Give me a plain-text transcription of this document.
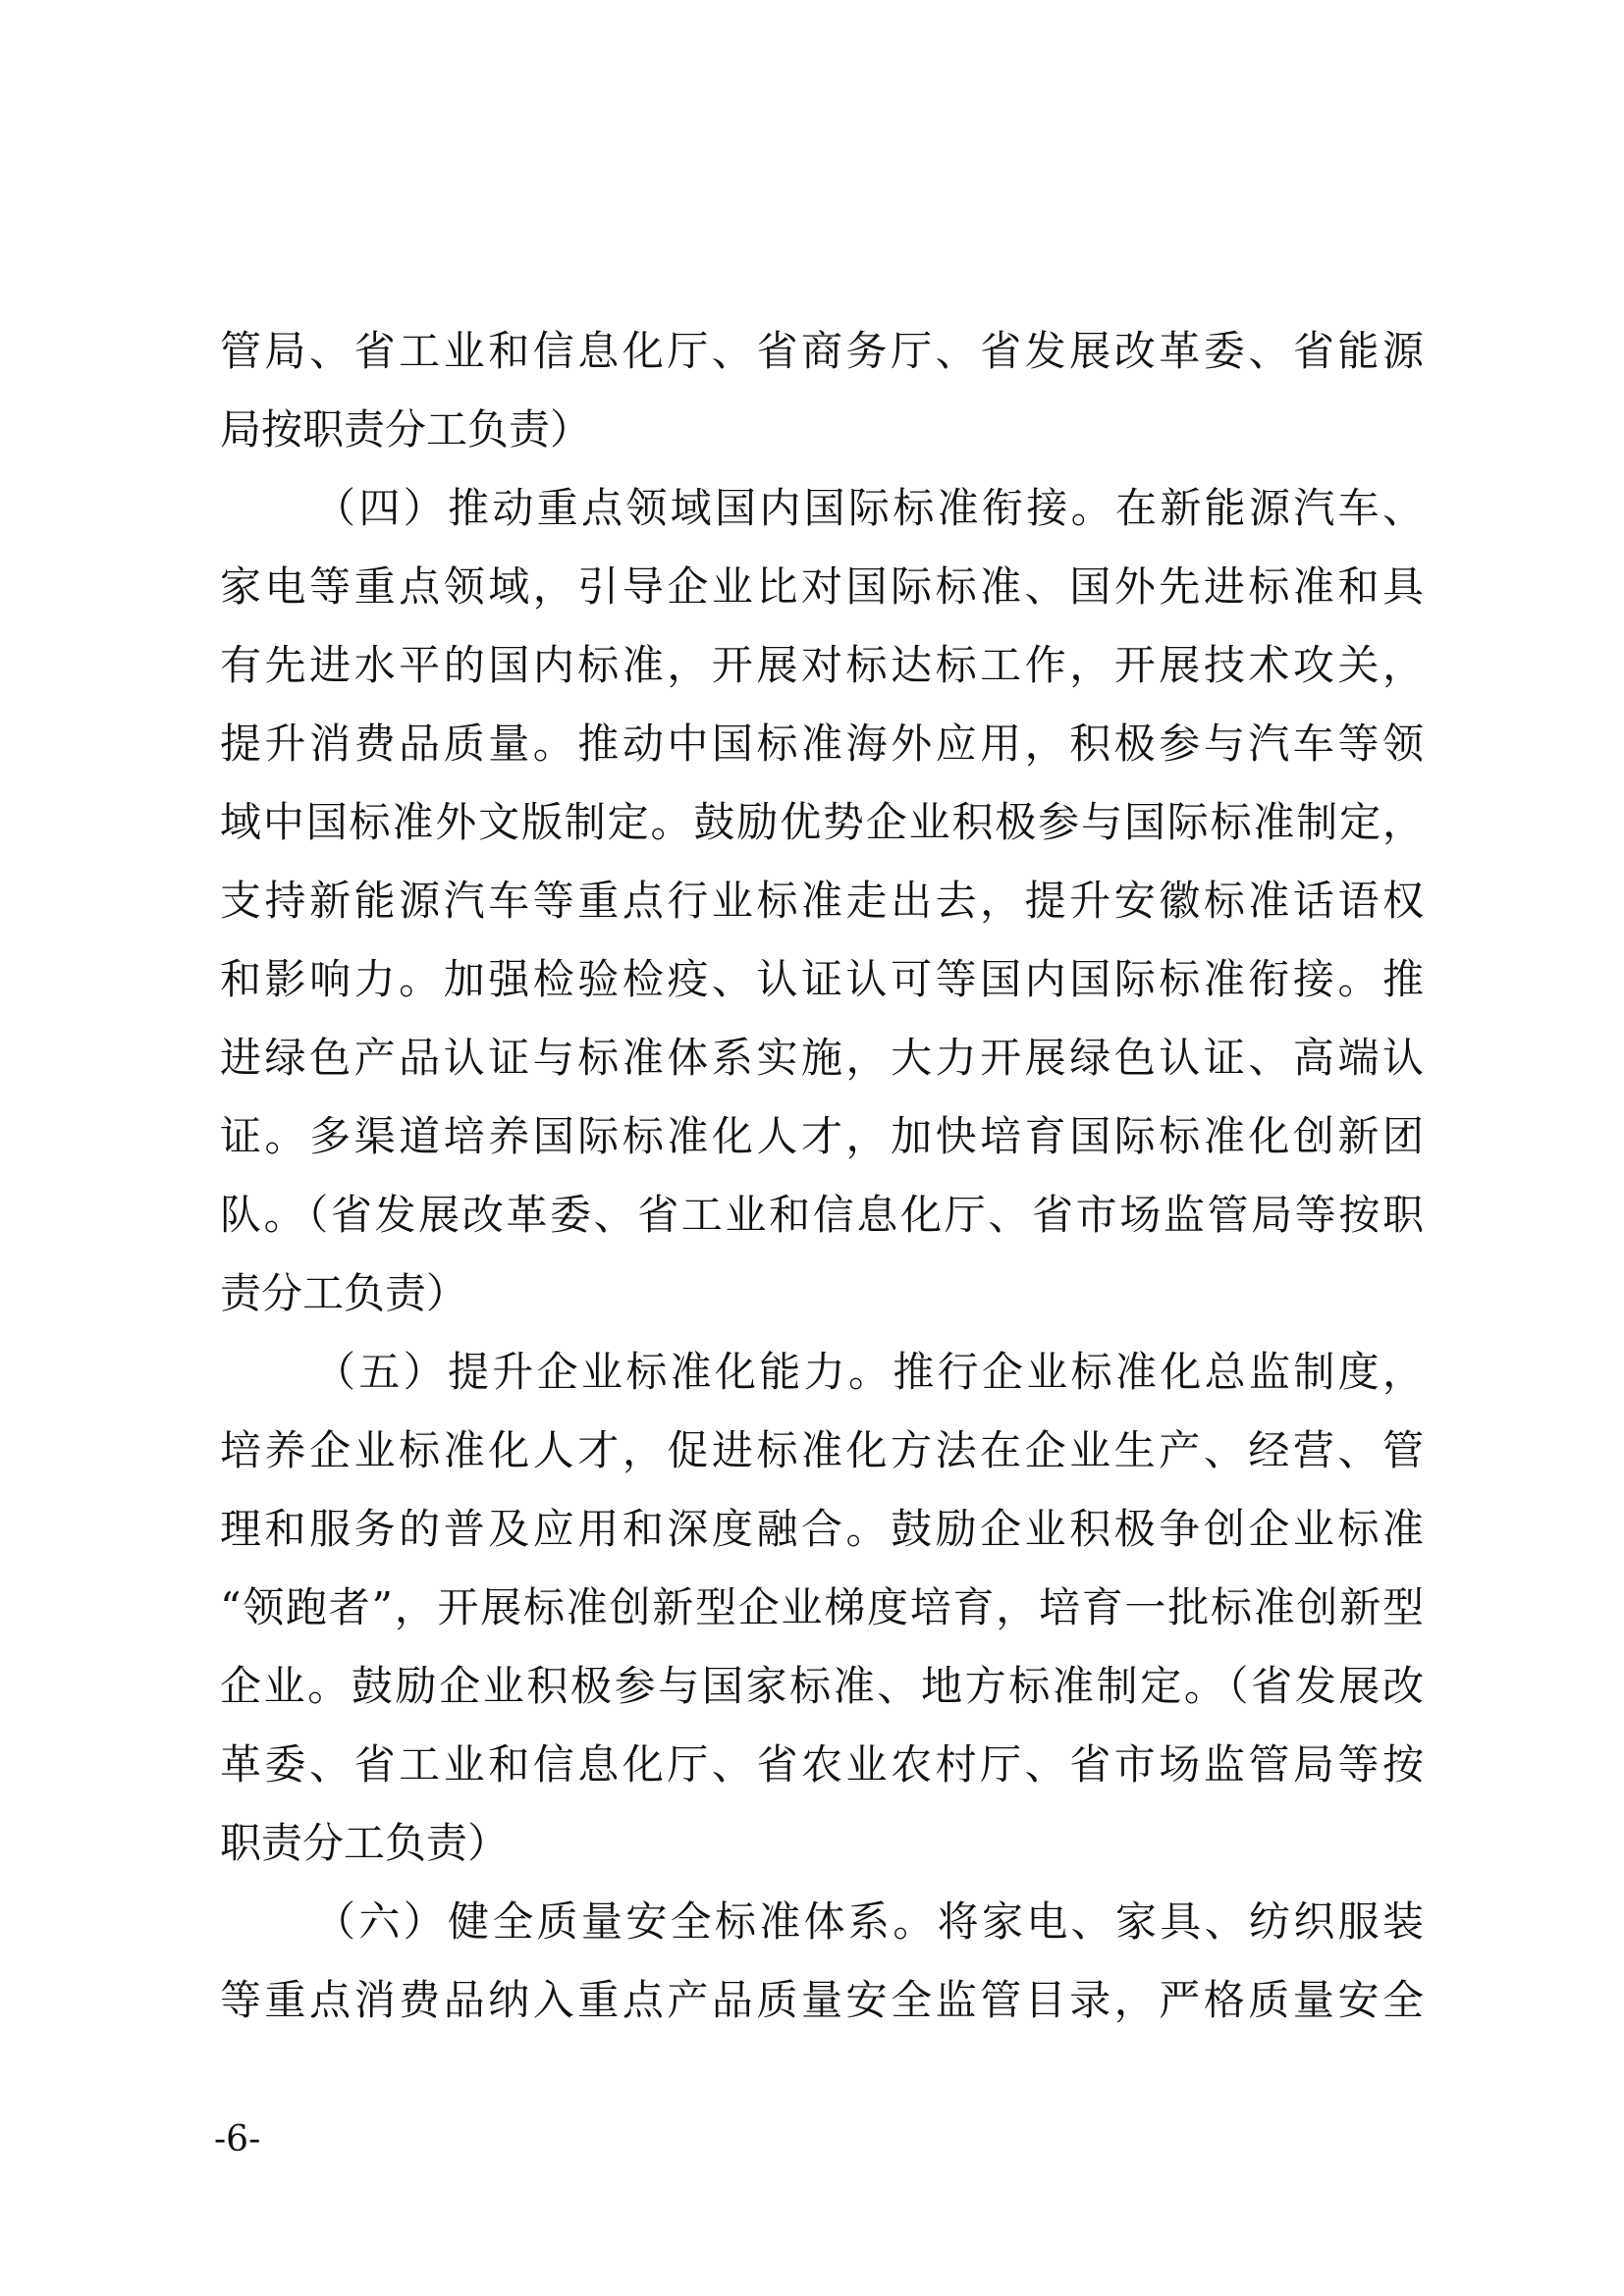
管局、省工业和信息化厅、省商务厅、省发展改革委、省能源
局按职责分工负责）
（四）推动重点领域国内国际标准衔接。在新能源汽车、
家电等重点领域，引导企业比对国际标准、国外先进标准和具
有先进水平的国内标准，开展对标达标工作，开展技术攻关，
提升消费品质量。推动中国标准海外应用，积极参与汽车等领
域中国标准外文版制定。鼓励优势企业积极参与国际标准制定，
支持新能源汽车等重点行业标准走出去，提升安徽标准话语权
和影响力。加强检验检疫、认证认可等国内国际标准衔接。推
进绿色产品认证与标准体系实施，大力开展绿色认证、高端认
证。多渠道培养国际标准化人才，加快培育国际标准化创新团
队。（省发展改革委、省工业和信息化厅、省市场监管局等按职
责分工负责）
（五）提升企业标准化能力。推行企业标准化总监制度，
培养企业标准化人才，促进标准化方法在企业生产、经营、管
理和服务的普及应用和深度融合。鼓励企业积极争创企业标准
“领跑者”，开展标准创新型企业梯度培育，培育一批标准创新型
企业。鼓励企业积极参与国家标准、地方标准制定。（省发展改
革委、省工业和信息化厅、省农业农村厅、省市场监管局等按
职责分工负责）
（六）健全质量安全标准体系。将家电、家具、纺织服装
等重点消费品纳入重点产品质量安全监管目录，严格质量安全
-6-
